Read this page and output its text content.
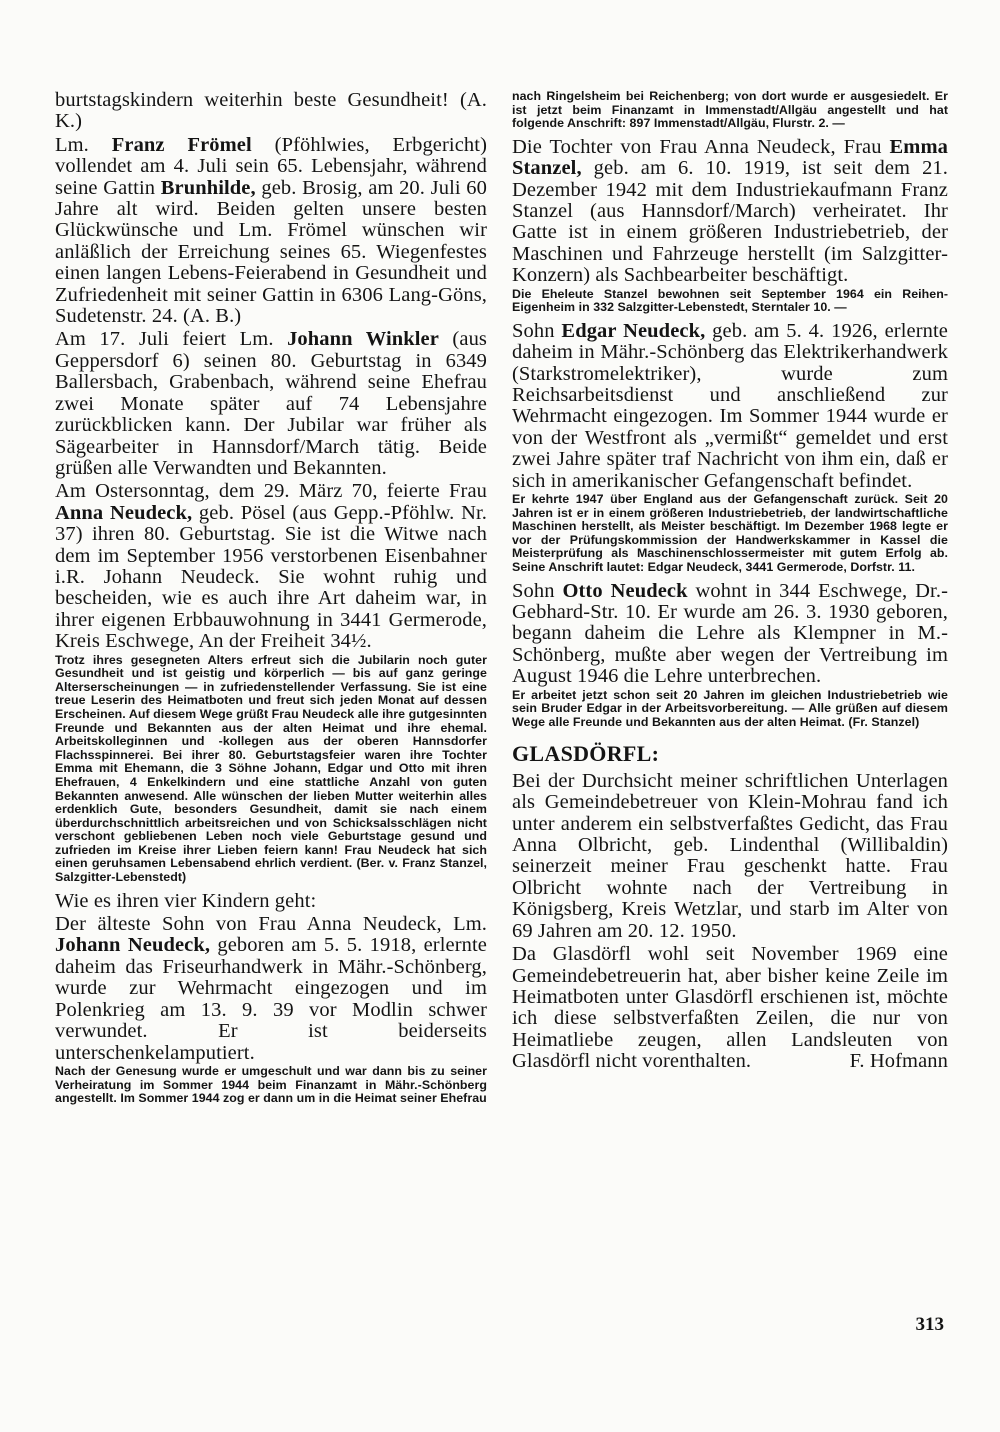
burtstagskindern weiterhin beste Gesundheit! (A. K.)

Lm. Franz Frömel (Pföhlwies, Erbgericht) vollendet am 4. Juli sein 65. Lebensjahr, während seine Gattin Brunhilde, geb. Brosig, am 20. Juli 60 Jahre alt wird. Beiden gelten unsere besten Glückwünsche und Lm. Frömel wünschen wir anläßlich der Erreichung seines 65. Wiegenfestes einen langen Lebens-Feierabend in Gesundheit und Zufriedenheit mit seiner Gattin in 6306 Lang-Göns, Sudetenstr. 24. (A. B.)

Am 17. Juli feiert Lm. Johann Winkler (aus Geppersdorf 6) seinen 80. Geburtstag in 6349 Ballersbach, Grabenbach, während seine Ehefrau zwei Monate später auf 74 Lebensjahre zurückblicken kann. Der Jubilar war früher als Sägearbeiter in Hannsdorf/March tätig. Beide grüßen alle Verwandten und Bekannten.

Am Ostersonntag, dem 29. März 70, feierte Frau Anna Neudeck, geb. Pösel (aus Gepp.-Pföhlw. Nr. 37) ihren 80. Geburtstag. Sie ist die Witwe nach dem im September 1956 verstorbenen Eisenbahner i.R. Johann Neudeck. Sie wohnt ruhig und bescheiden, wie es auch ihre Art daheim war, in ihrer eigenen Erbbauwohnung in 3441 Germerode, Kreis Eschwege, An der Freiheit 34½.

Trotz ihres gesegneten Alters erfreut sich die Jubilarin noch guter Gesundheit und ist geistig und körperlich — bis auf ganz geringe Alterserscheinungen — in zufriedenstellender Verfassung. Sie ist eine treue Leserin des Heimatboten und freut sich jeden Monat auf dessen Erscheinen. Auf diesem Wege grüßt Frau Neudeck alle ihre gutgesinnten Freunde und Bekannten aus der alten Heimat und ihre ehemal. Arbeitskolleginnen und -kollegen aus der oberen Hannsdorfer Flachsspinnerei. Bei ihrer 80. Geburtstagsfeier waren ihre Tochter Emma mit Ehemann, die 3 Söhne Johann, Edgar und Otto mit ihren Ehefrauen, 4 Enkelkindern und eine stattliche Anzahl von guten Bekannten anwesend. Alle wünschen der lieben Mutter weiterhin alles erdenklich Gute, besonders Gesundheit, damit sie nach einem überdurchschnittlich arbeitsreichen und von Schicksalsschlägen nicht verschont gebliebenen Leben noch viele Geburtstage gesund und zufrieden im Kreise ihrer Lieben feiern kann! Frau Neudeck hat sich einen geruhsamen Lebensabend ehrlich verdient. (Ber. v. Franz Stanzel, Salzgitter-Lebenstedt)

Wie es ihren vier Kindern geht:

Der älteste Sohn von Frau Anna Neudeck, Lm. Johann Neudeck, geboren am 5. 5. 1918, erlernte daheim das Friseurhandwerk in Mähr.-Schönberg, wurde zur Wehrmacht eingezogen und im Polenkrieg am 13. 9. 39 vor Modlin schwer verwundet. Er ist beiderseits unterschenkelamputiert.

Nach der Genesung wurde er umgeschult und war dann bis zu seiner Verheiratung im Sommer 1944 beim Finanzamt in Mähr.-Schönberg angestellt. Im Sommer 1944 zog er dann um in die Heimat seiner Ehefrau

nach Ringelsheim bei Reichenberg; von dort wurde er ausgesiedelt. Er ist jetzt beim Finanzamt in Immenstadt/Allgäu angestellt und hat folgende Anschrift: 897 Immenstadt/Allgäu, Flurstr. 2. —

Die Tochter von Frau Anna Neudeck, Frau Emma Stanzel, geb. am 6. 10. 1919, ist seit dem 21. Dezember 1942 mit dem Industriekaufmann Franz Stanzel (aus Hannsdorf/March) verheiratet. Ihr Gatte ist in einem größeren Industriebetrieb, der Maschinen und Fahrzeuge herstellt (im Salzgitter-Konzern) als Sachbearbeiter beschäftigt.

Die Eheleute Stanzel bewohnen seit September 1964 ein Reihen-Eigenheim in 332 Salzgitter-Lebenstedt, Sterntaler 10. —

Sohn Edgar Neudeck, geb. am 5. 4. 1926, erlernte daheim in Mähr.-Schönberg das Elektrikerhandwerk (Starkstromelektriker), wurde zum Reichsarbeitsdienst und anschließend zur Wehrmacht eingezogen. Im Sommer 1944 wurde er von der Westfront als „vermißt“ gemeldet und erst zwei Jahre später traf Nachricht von ihm ein, daß er sich in amerikanischer Gefangenschaft befindet.

Er kehrte 1947 über England aus der Gefangenschaft zurück. Seit 20 Jahren ist er in einem größeren Industriebetrieb, der landwirtschaftliche Maschinen herstellt, als Meister beschäftigt. Im Dezember 1968 legte er vor der Prüfungskommission der Handwerkskammer in Kassel die Meisterprüfung als Maschinenschlossermeister mit gutem Erfolg ab. Seine Anschrift lautet: Edgar Neudeck, 3441 Germerode, Dorfstr. 11.

Sohn Otto Neudeck wohnt in 344 Eschwege, Dr.-Gebhard-Str. 10. Er wurde am 26. 3. 1930 geboren, begann daheim die Lehre als Klempner in M.-Schönberg, mußte aber wegen der Vertreibung im August 1946 die Lehre unterbrechen.

Er arbeitet jetzt schon seit 20 Jahren im gleichen Industriebetrieb wie sein Bruder Edgar in der Arbeitsvorbereitung. — Alle grüßen auf diesem Wege alle Freunde und Bekannten aus der alten Heimat. (Fr. Stanzel)

GLASDÖRFL:

Bei der Durchsicht meiner schriftlichen Unterlagen als Gemeindebetreuer von Klein-Mohrau fand ich unter anderem ein selbstverfaßtes Gedicht, das Frau Anna Olbricht, geb. Lindenthal (Willibaldin) seinerzeit meiner Frau geschenkt hatte. Frau Olbricht wohnte nach der Vertreibung in Königsberg, Kreis Wetzlar, und starb im Alter von 69 Jahren am 20. 12. 1950.

Da Glasdörfl wohl seit November 1969 eine Gemeindebetreuerin hat, aber bisher keine Zeile im Heimatboten unter Glasdörfl erschienen ist, möchte ich diese selbstverfaßten Zeilen, die nur von Heimatliebe zeugen, allen Landsleuten von Glasdörfl nicht vorenthalten.	F. Hofmann

313
